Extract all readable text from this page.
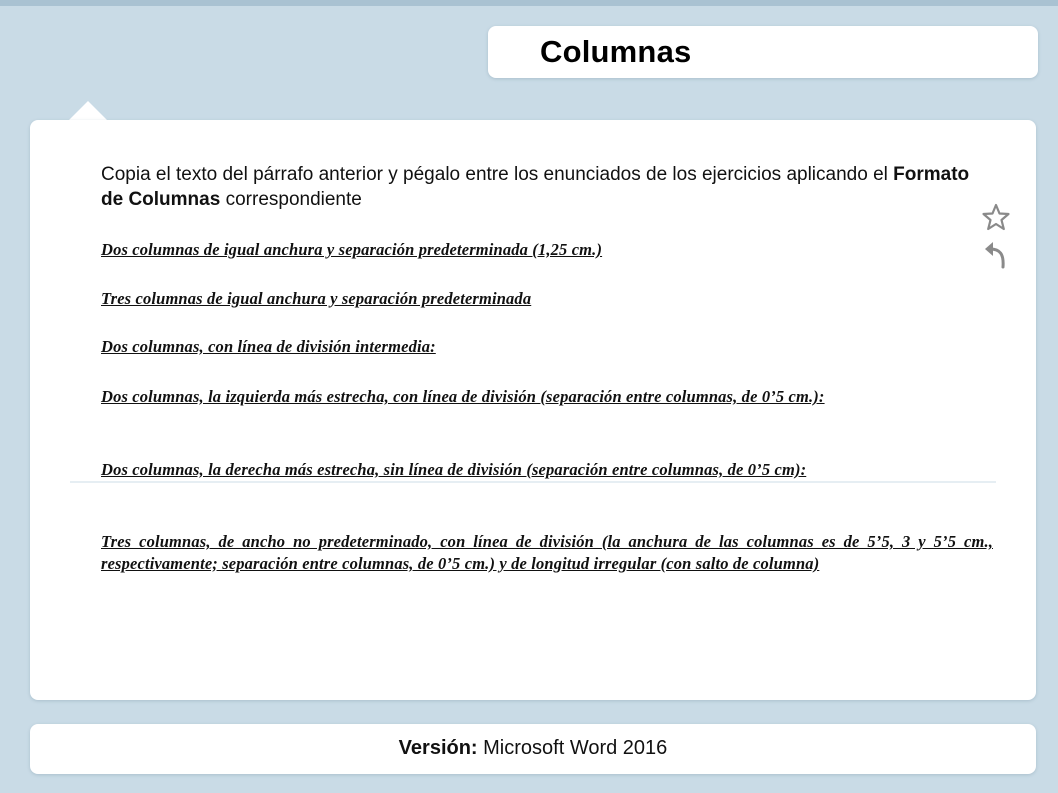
Columnas
Copia el texto del párrafo anterior y pégalo entre los enunciados de los ejercicios aplicando el Formato de Columnas correspondiente
Dos columnas de igual anchura y separación predeterminada (1,25 cm.)
Tres columnas de igual anchura y separación predeterminada
Dos columnas, con línea de división intermedia:
Dos columnas, la izquierda más estrecha, con línea de división (separación entre columnas, de 0’5 cm.):
Dos columnas, la derecha más estrecha, sin línea de división (separación entre columnas, de 0’5 cm):
Tres columnas, de ancho no predeterminado, con línea de división (la anchura de las columnas es de 5’5, 3 y 5’5 cm., respectivamente; separación entre columnas, de 0’5 cm.) y de longitud irregular (con salto de columna)
Versión: Microsoft Word 2016
